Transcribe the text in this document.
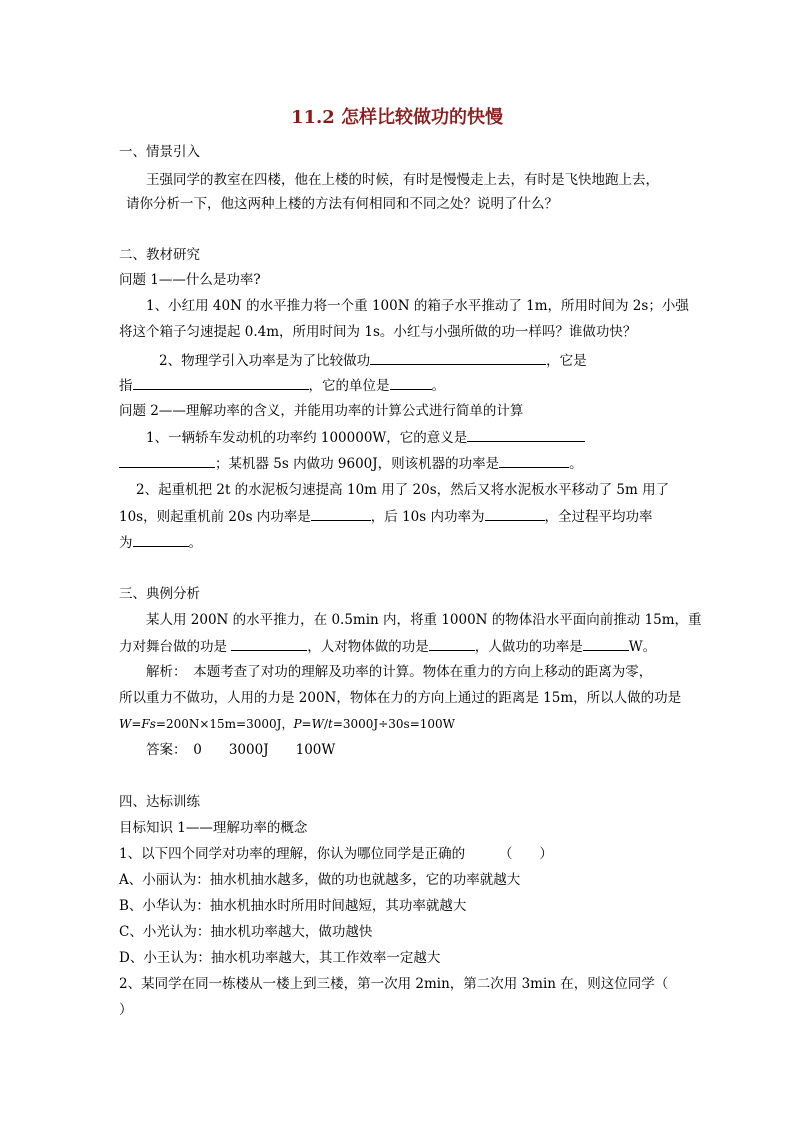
11.2 怎样比较做功的快慢
一、情景引入
王强同学的教室在四楼，他在上楼的时候，有时是慢慢走上去，有时是飞快地跑上去，
请你分析一下，他这两种上楼的方法有何相同和不同之处？说明了什么？
二、教材研究
问题 1——什么是功率?
1、小红用 40N 的水平推力将一个重 100N 的箱子水平推动了 1m，所用时间为 2s；小强
将这个箱子匀速提起 0.4m，所用时间为 1s。小红与小强所做的功一样吗？谁做功快？
2、物理学引入功率是为了比较做功	，它是
指	，它的单位是	。
问题 2——理解功率的含义，并能用功率的计算公式进行简单的计算
1、一辆轿车发动机的功率约 100000W，它的意义是
；某机器 5s 内做功 9600J，则该机器的功率是	。
2、起重机把 2t 的水泥板匀速提高 10m 用了 20s，然后又将水泥板水平移动了 5m 用了
10s，则起重机前 20s 内功率是	，后 10s 内功率为	，全过程平均功率
为	。
三、典例分析
某人用 200N 的水平推力，在 0.5min 内，将重 1000N 的物体沿水平面向前推动 15m，重
力对舞台做的功是	，人对物体做的功是	，人做功的功率是	W。
解析：　本题考查了对功的理解及功率的计算。物体在重力的方向上移动的距离为零，
所以重力不做功，人用的力是 200N，物体在力的方向上通过的距离是 15m，所以人做的功是
W=Fs=200N×15m=3000J，P=W/t=3000J÷30s=100W
答案：　0　　3000J　　100W
四、达标训练
目标知识 1——理解功率的概念
1、以下四个同学对功率的理解，你认为哪位同学是正确的　　　（　　）
A、小丽认为：抽水机抽水越多，做的功也就越多，它的功率就越大
B、小华认为：抽水机抽水时所用时间越短，其功率就越大
C、小光认为：抽水机功率越大，做功越快
D、小王认为：抽水机功率越大，其工作效率一定越大
2、某同学在同一栋楼从一楼上到三楼，第一次用 2min，第二次用 3min 在，则这位同学（
）
